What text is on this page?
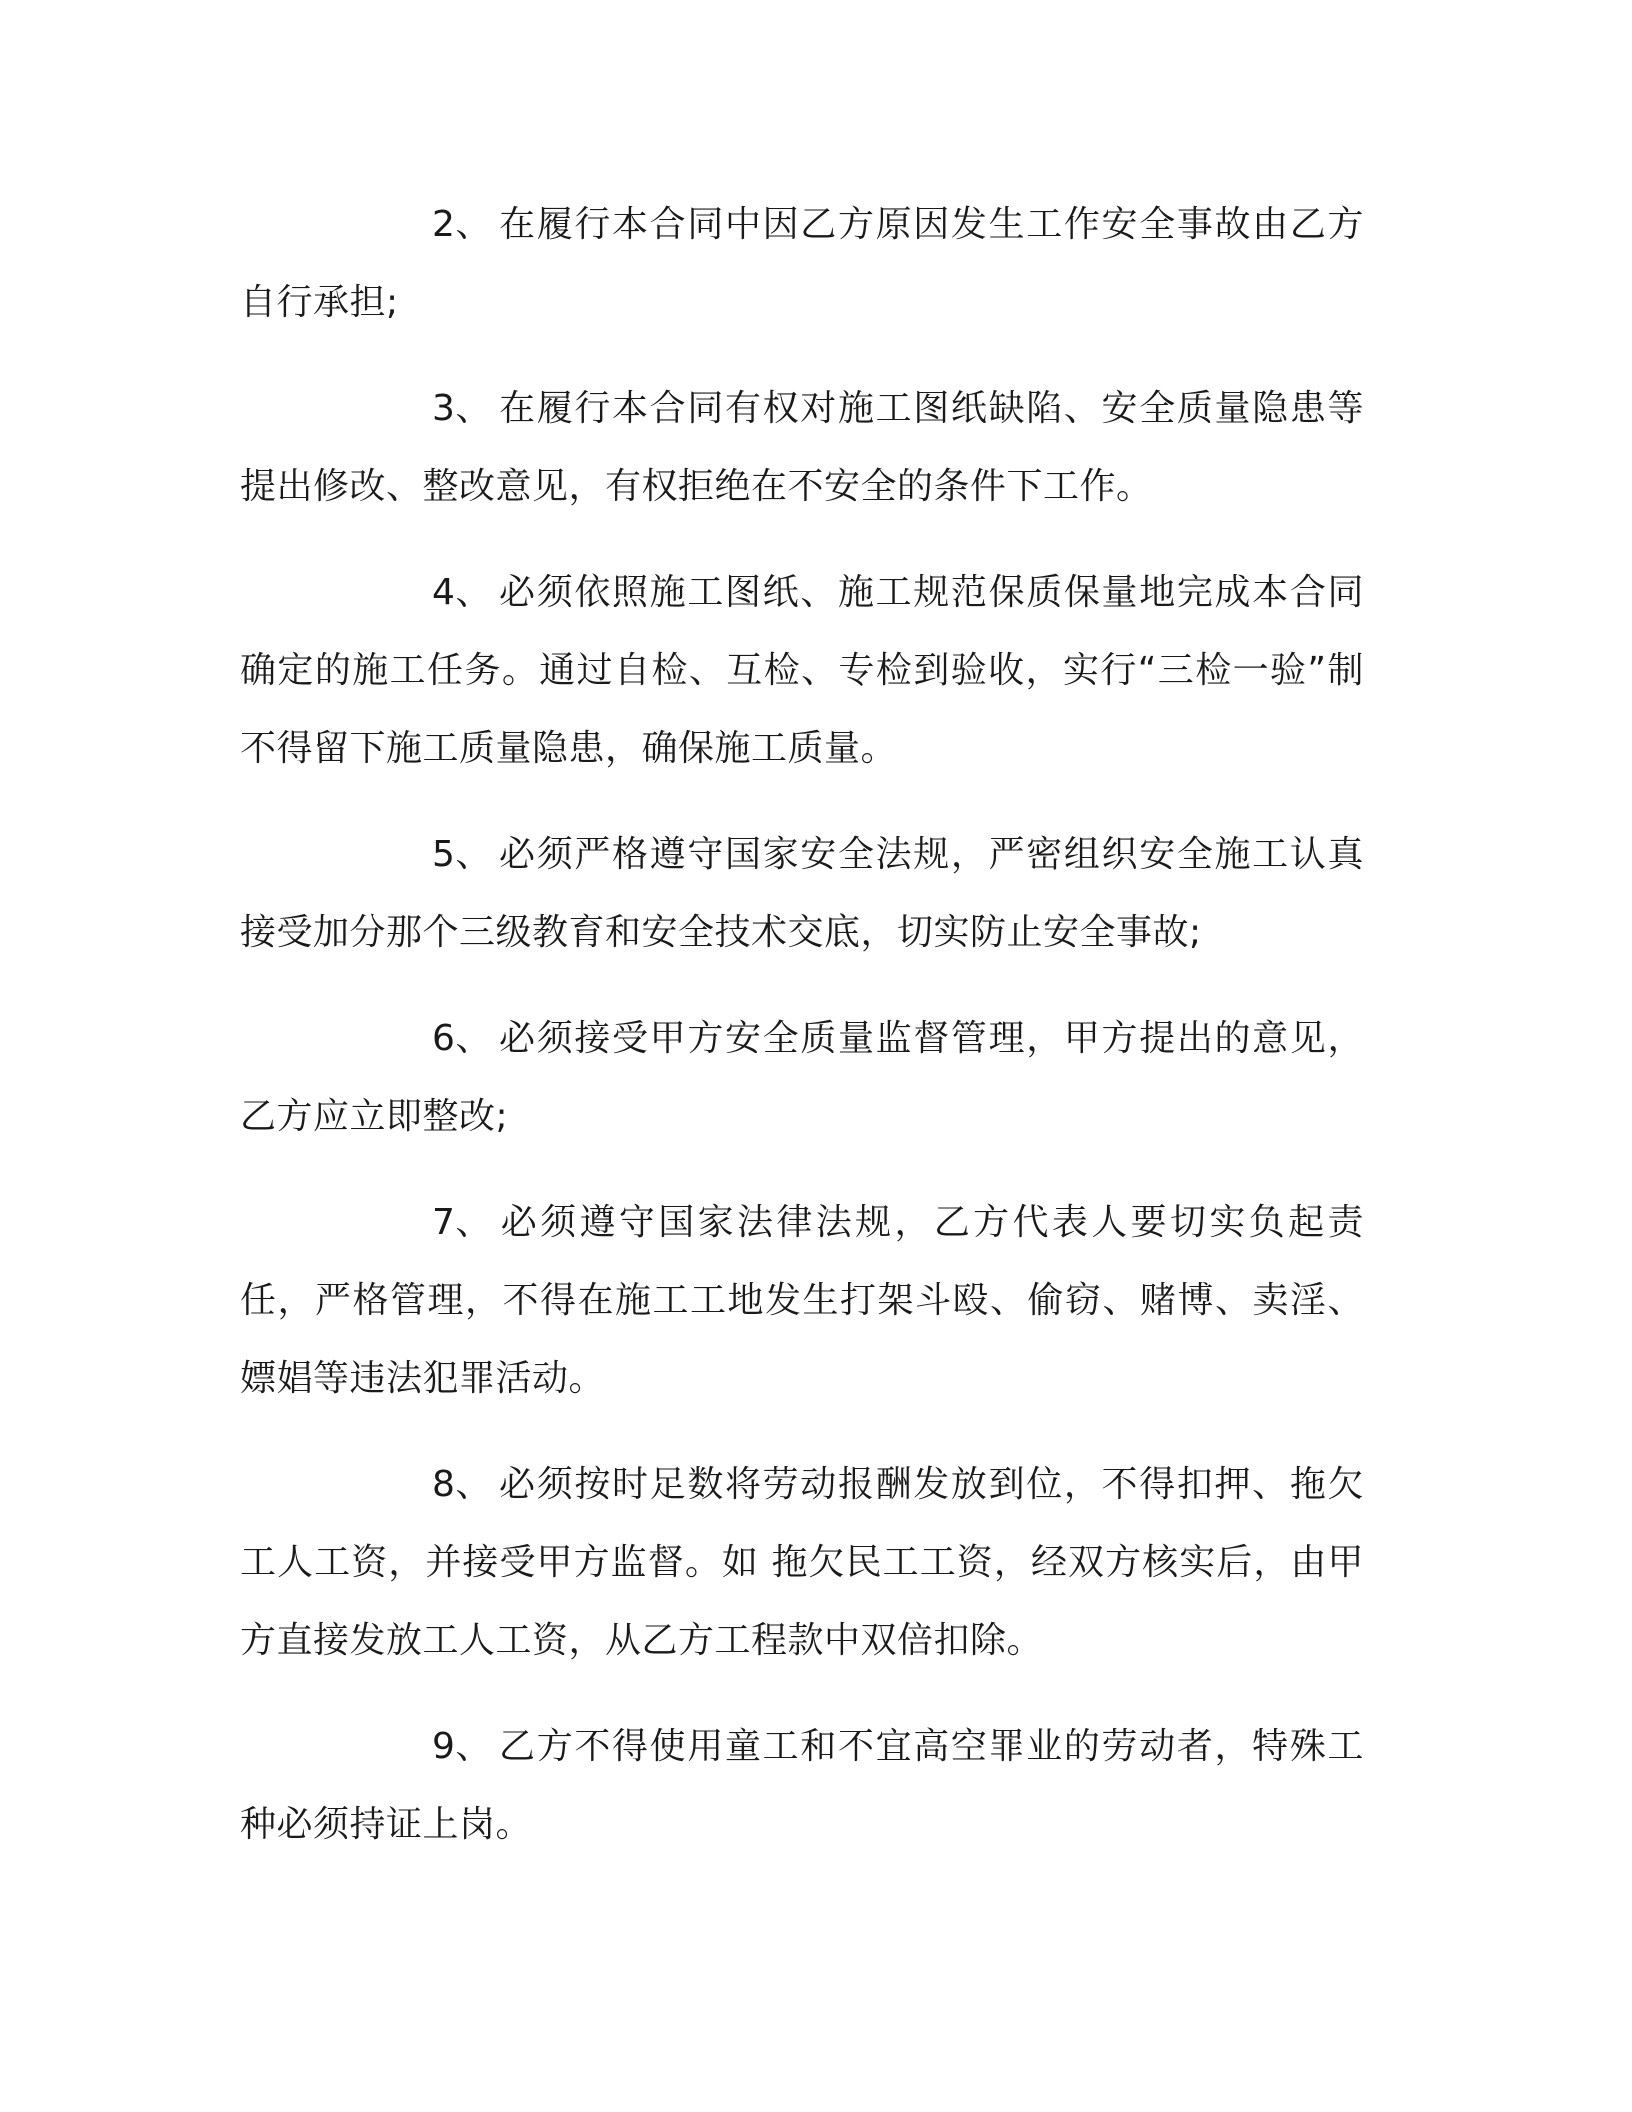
2、 在履行本合同中因乙方原因发生工作安全事故由乙方自行承担;

3、 在履行本合同有权对施工图纸缺陷、安全质量隐患等提出修改、整改意见，有权拒绝在不安全的条件下工作。

4、 必须依照施工图纸、施工规范保质保量地完成本合同确定的施工任务。通过自检、互检、专检到验收，实行“三检一验”制不得留下施工质量隐患，确保施工质量。

5、 必须严格遵守国家安全法规，严密组织安全施工认真接受加分那个三级教育和安全技术交底，切实防止安全事故;

6、 必须接受甲方安全质量监督管理，甲方提出的意见，乙方应立即整改;

7、 必须遵守国家法律法规，乙方代表人要切实负起责任，严格管理，不得在施工工地发生打架斗殴、偷窃、赌博、卖淫、嫖娼等违法犯罪活动。

8、 必须按时足数将劳动报酬发放到位，不得扣押、拖欠工人工资，并接受甲方监督。如 拖欠民工工资，经双方核实后，由甲方直接发放工人工资，从乙方工程款中双倍扣除。

9、 乙方不得使用童工和不宜高空罪业的劳动者，特殊工种必须持证上岗。
